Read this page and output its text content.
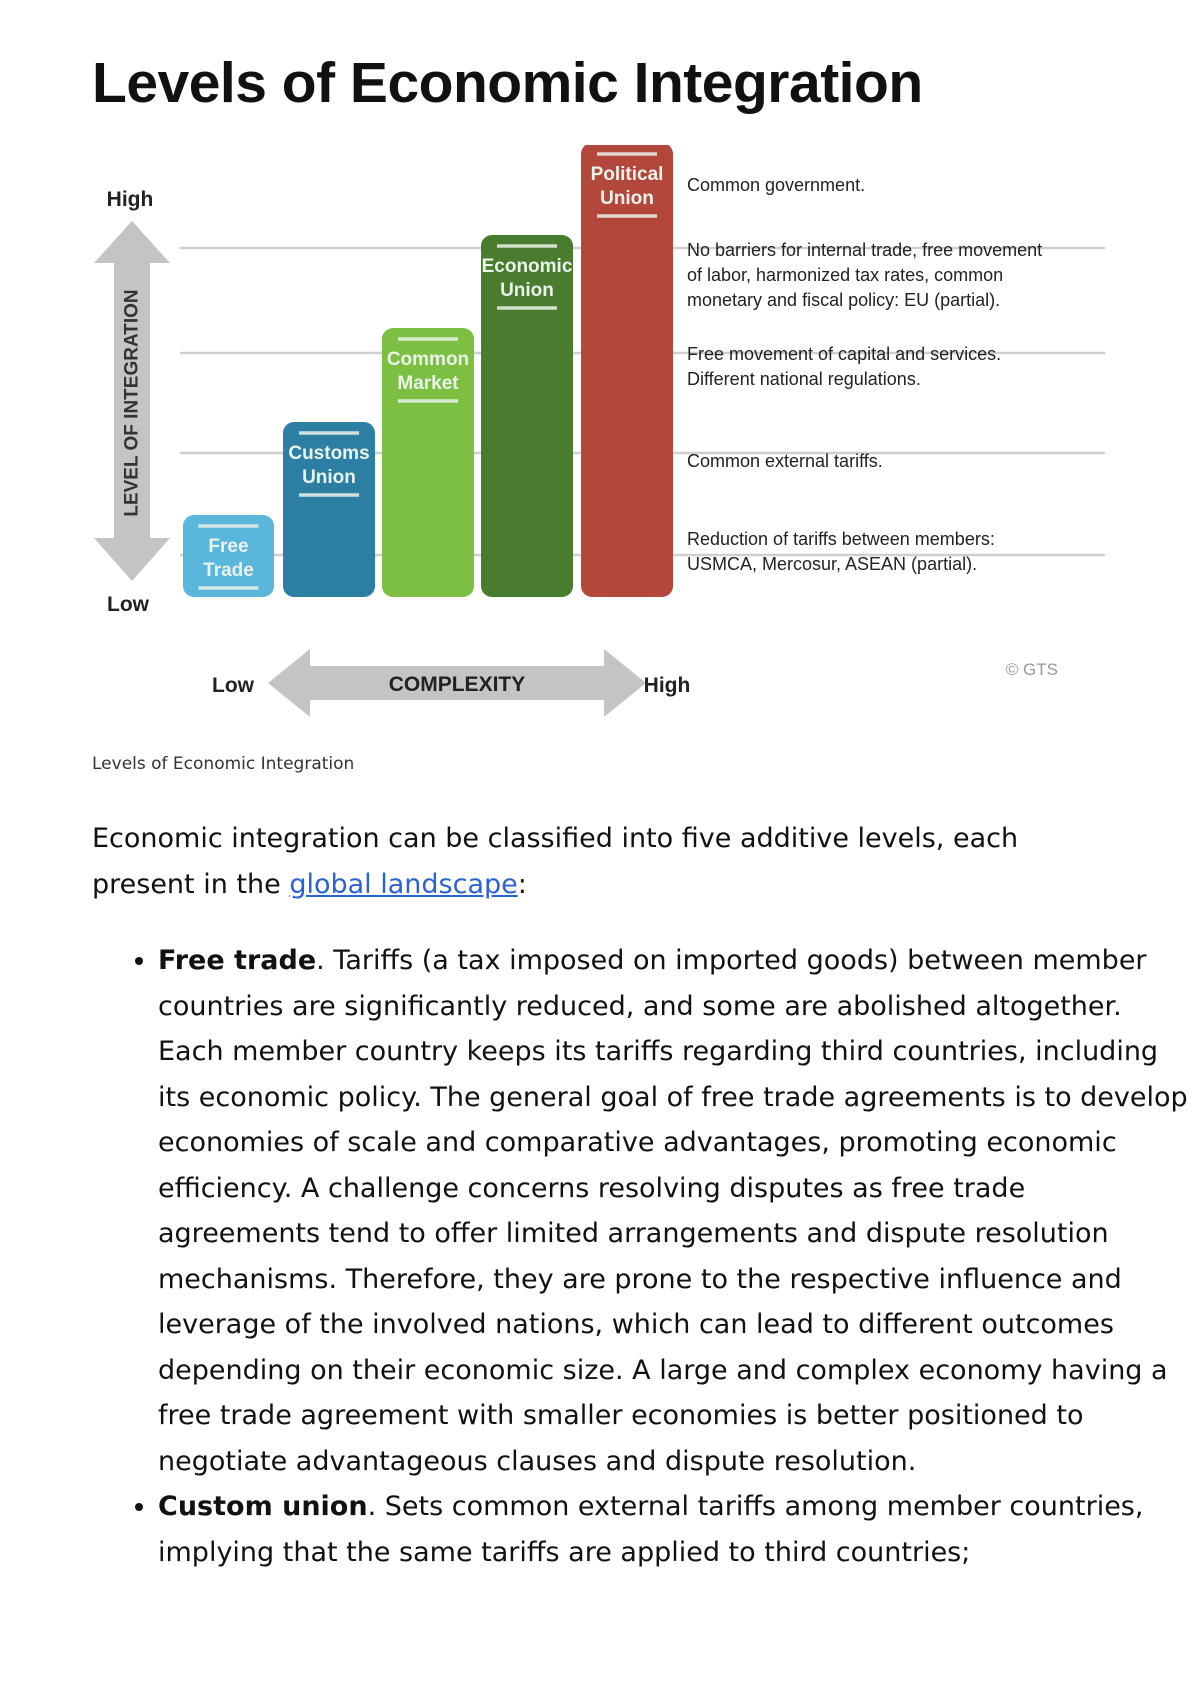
Levels of Economic Integration
LEVEL OF INTEGRATION
High
Low
COMPLEXITY
Low	High
© GTS
Free
Trade
Reduction of tariffs between members:
USMCA, Mercosur, ASEAN (partial).
Customs
Union
Common external tariffs.
Common
Market
Free movement of capital and services.
Different national regulations.
Economic
Union
No barriers for internal trade, free movement
of labor, harmonized tax rates, common
monetary and fiscal policy: EU (partial).
Political
Union
Common government.
Levels of Economic Integration

Economic integration can be classified into five additive levels, each present in the global landscape:

• Free trade. Tariffs (a tax imposed on imported goods) between member countries are significantly reduced, and some are abolished altogether. Each member country keeps its tariffs regarding third countries, including its economic policy. The general goal of free trade agreements is to develop economies of scale and comparative advantages, promoting economic efficiency. A challenge concerns resolving disputes as free trade agreements tend to offer limited arrangements and dispute resolution mechanisms. Therefore, they are prone to the respective influence and leverage of the involved nations, which can lead to different outcomes depending on their economic size. A large and complex economy having a free trade agreement with smaller economies is better positioned to negotiate advantageous clauses and dispute resolution.
• Custom union. Sets common external tariffs among member countries, implying that the same tariffs are applied to third countries;
